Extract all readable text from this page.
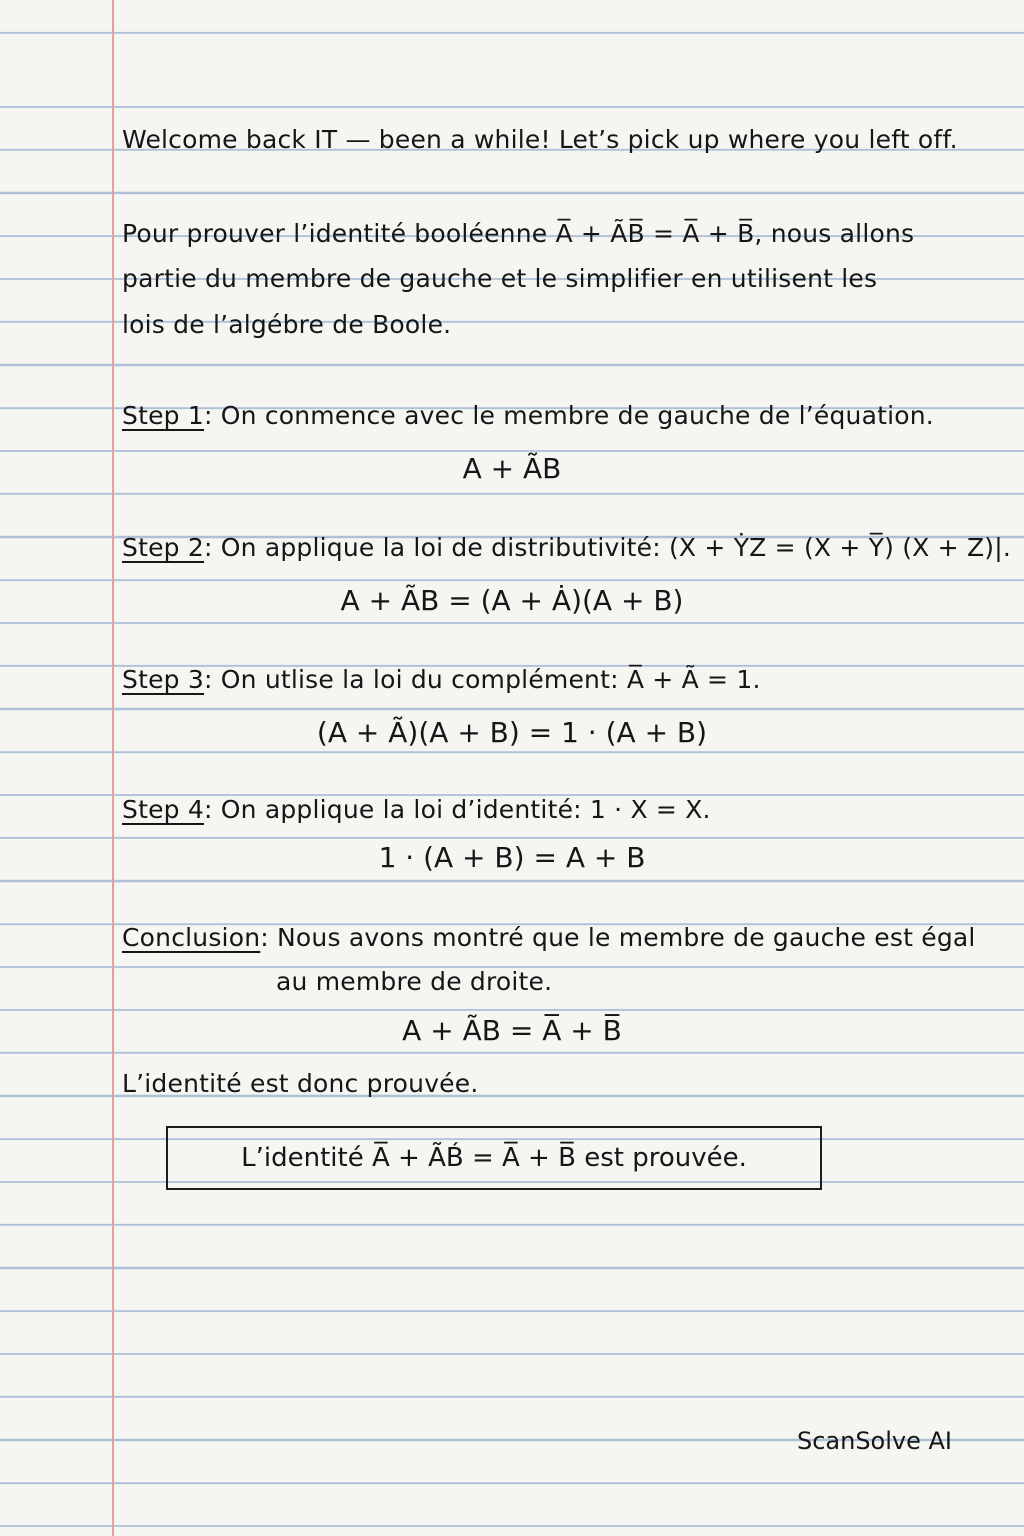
Welcome back IT — been a while! Let’s pick up where you left off.
Pour prouver l’identité booléenne A̅ + ÃB̅ = A̅ + B̅, nous allons
partie du membre de gauche et le simplifier en utilisent les
lois de l’algébre de Boole.
Step 1: On conmence avec le membre de gauche de l’équation.
A + ÃB
Step 2: On applique la loi de distributivité: (X + ẎZ = (X + Y̅) (X + Z)|.
A + ÃB = (A + Ȧ)(A + B)
Step 3: On utlise la loi du complément: A̅ + Ã = 1.
(A + Ã)(A + B) = 1 · (A + B)
Step 4: On applique la loi d’identité: 1 · X = X.
1 · (A + B) = A + B
Conclusion: Nous avons montré que le membre de gauche est égal
au membre de droite.
A + ÃB = A̅ + B̅
L’identité est donc prouvée.
L’identité A̅ + ÃB́ = A̅ + B̅ est prouvée.
ScanSolve AI
